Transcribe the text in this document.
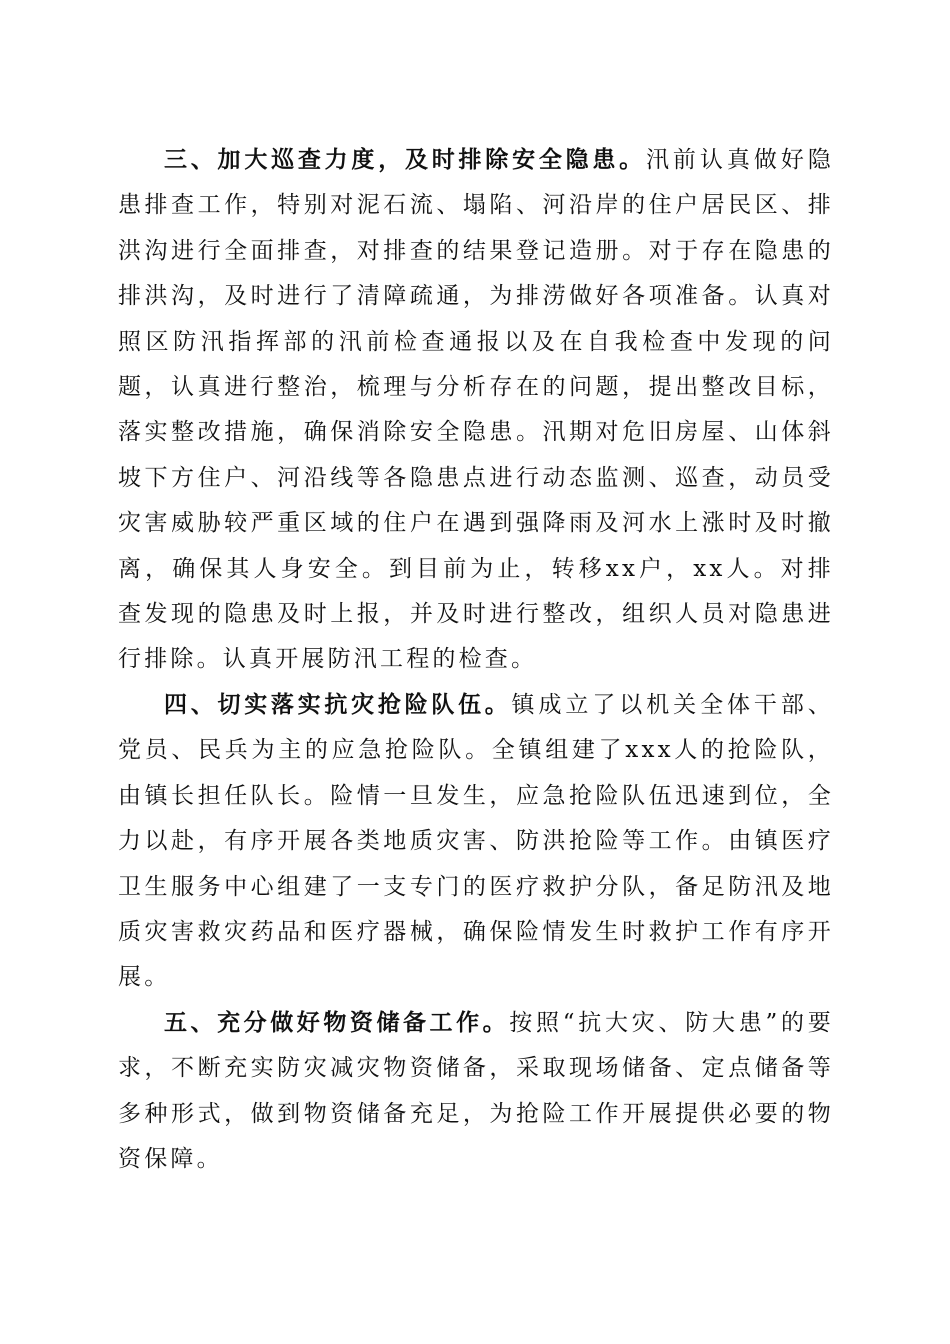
三、加大巡查力度，及时排除安全隐患。汛前认真做好隐患排查工作，特别对泥石流、塌陷、河沿岸的住户居民区、排洪沟进行全面排查，对排查的结果登记造册。对于存在隐患的排洪沟，及时进行了清障疏通，为排涝做好各项准备。认真对照区防汛指挥部的汛前检查通报以及在自我检查中发现的问题，认真进行整治，梳理与分析存在的问题，提出整改目标，落实整改措施，确保消除安全隐患。汛期对危旧房屋、山体斜坡下方住户、河沿线等各隐患点进行动态监测、巡查，动员受灾害威胁较严重区域的住户在遇到强降雨及河水上涨时及时撤离，确保其人身安全。到目前为止，转移xx户，xx人。对排查发现的隐患及时上报，并及时进行整改，组织人员对隐患进行排除。认真开展防汛工程的检查。

四、切实落实抗灾抢险队伍。镇成立了以机关全体干部、党员、民兵为主的应急抢险队。全镇组建了xxx人的抢险队，由镇长担任队长。险情一旦发生，应急抢险队伍迅速到位，全力以赴，有序开展各类地质灾害、防洪抢险等工作。由镇医疗卫生服务中心组建了一支专门的医疗救护分队，备足防汛及地质灾害救灾药品和医疗器械，确保险情发生时救护工作有序开展。

五、充分做好物资储备工作。按照“抗大灾、防大患”的要求，不断充实防灾减灾物资储备，采取现场储备、定点储备等多种形式，做到物资储备充足，为抢险工作开展提供必要的物资保障。
